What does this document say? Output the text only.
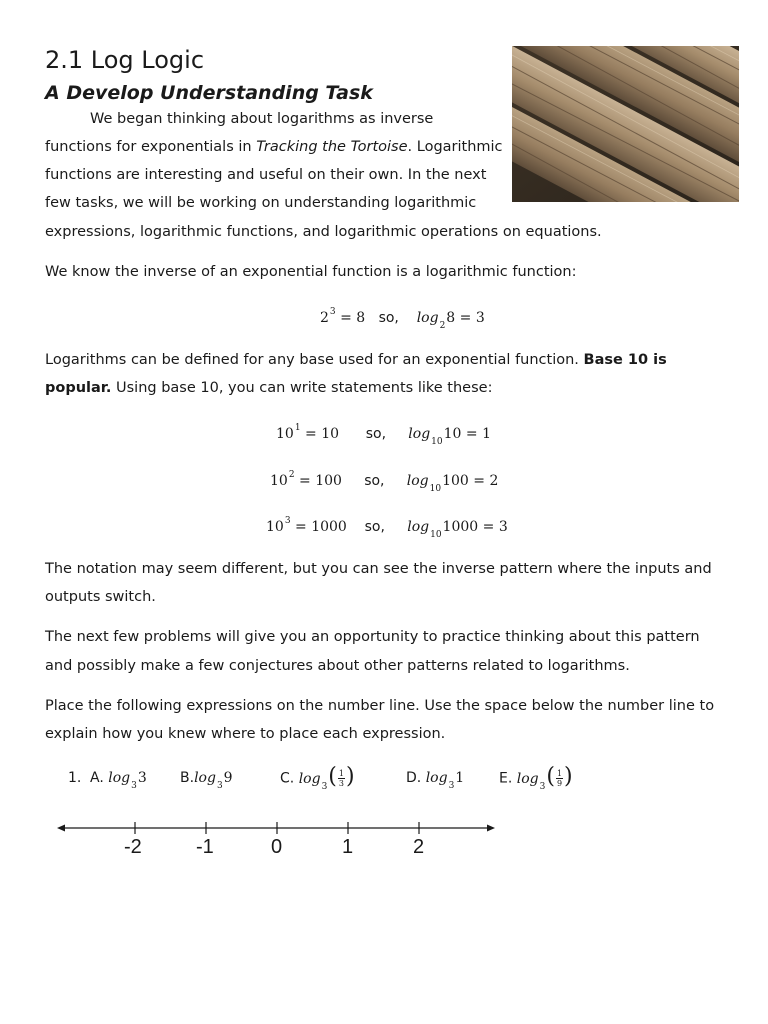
2.1 Log Logic
A Develop Understanding Task

We began thinking about logarithms as inverse

functions for exponentials in Tracking the Tortoise. Logarithmic

functions are interesting and useful on their own. In the next

few tasks, we will be working on understanding logarithmic

expressions, logarithmic functions, and logarithmic operations on equations.

We know the inverse of an exponential function is a logarithmic function:

$2^3 = 8$ so, $\log_28 = 3$

Logarithms can be defined for any base used for an exponential function. Base 10 is

popular. Using base 10, you can write statements like these:

$10^1 = 10$ so, $\log_{10}10 = 1$
$10^2 = 100$ so, $\log_{10}100 = 2$
$10^3 = 1000$ so, $\log_{10}1000 = 3$

The notation may seem different, but you can see the inverse pattern where the inputs and

outputs switch.

The next few problems will give you an opportunity to practice thinking about this pattern

and possibly make a few conjectures about other patterns related to logarithms.

Place the following expressions on the number line. Use the space below the number line to

explain how you knew where to place each expression.

1. A. $\log_33$ $B.\log_39$	C. $\log_3( \frac{1}{3}$ )	D. $\log_31$ E. $\log_3( \frac{1}{9}$ )
-2	-1	0	1	2
